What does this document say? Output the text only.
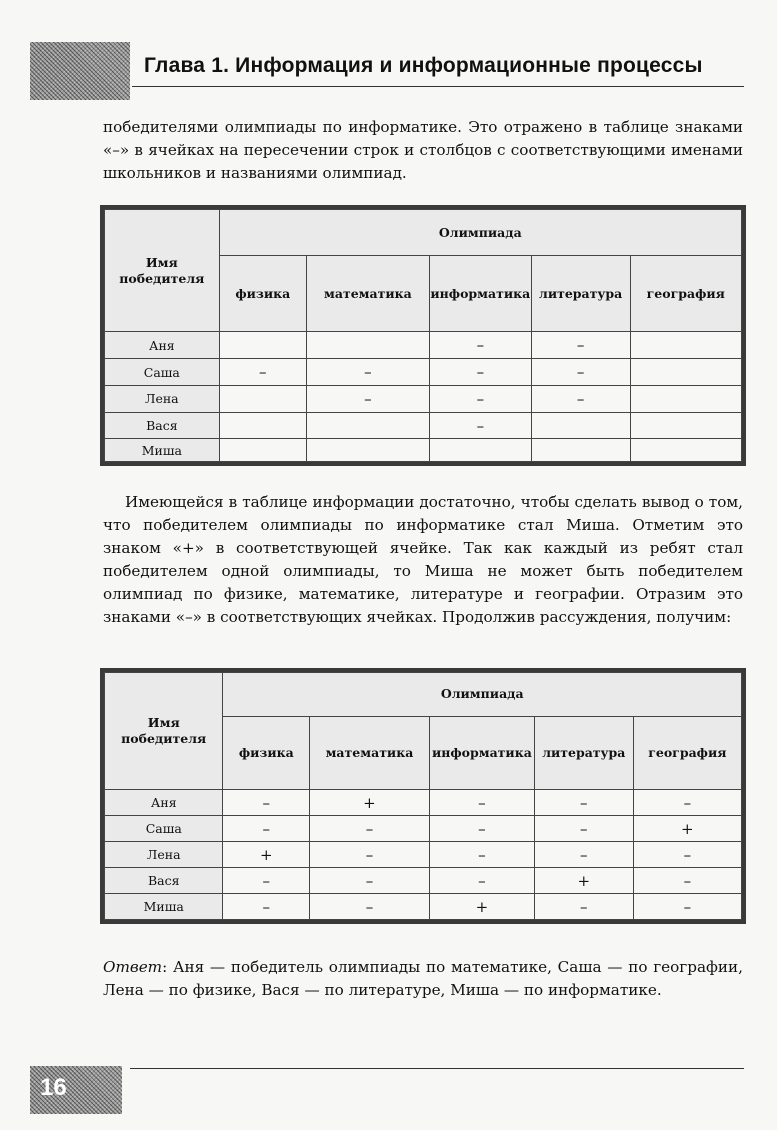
Глава 1. Информация и информационные процессы

победителями олимпиады по информатике. Это отражено в таблице знаками «–» в ячейках на пересечении строк и столбцов с соответствующими именами школьников и названиями олимпиад.

Имя победителя	Олимпиада				
	физика	математика	информатика	литература	география
Аня			–	–	
Саша	–	–	–	–	
Лена		–	–	–	
Вася			–		
Миша					

Имеющейся в таблице информации достаточно, чтобы сделать вывод о том, что победителем олимпиады по информатике стал Миша. Отметим это знаком «+» в соответствующей ячейке. Так как каждый из ребят стал победителем одной олимпиады, то Миша не может быть победителем олимпиад по физике, математике, литературе и географии. Отразим это знаками «–» в соответствующих ячейках. Продолжив рассуждения, получим:

Имя победителя	Олимпиада				
	физика	математика	информатика	литература	география
Аня	–	+	–	–	–
Саша	–	–	–	–	+
Лена	+	–	–	–	–
Вася	–	–	–	+	–
Миша	–	–	+	–	–

Ответ: Аня — победитель олимпиады по математике, Саша — по географии, Лена — по физике, Вася — по литературе, Миша — по информатике.

16
